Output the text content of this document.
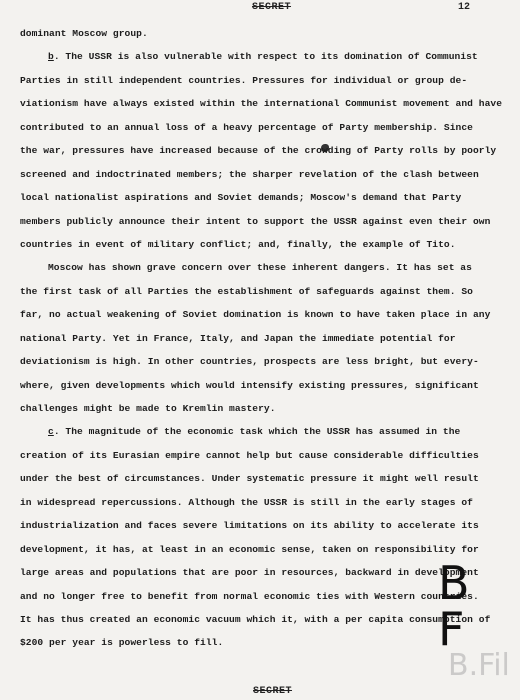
SECRET	12
dominant Moscow group.
b. The USSR is also vulnerable with respect to its domination of Communist
Parties in still independent countries. Pressures for individual or group de-
viationism have always existed within the international Communist movement and have
contributed to an annual loss of a heavy percentage of Party membership. Since
the war, pressures have increased because of the crowding of Party rolls by poorly
screened and indoctrinated members; the sharper revelation of the clash between
local nationalist aspirations and Soviet demands; Moscow's demand that Party
members publicly announce their intent to support the USSR against even their own
countries in event of military conflict; and, finally, the example of Tito.
Moscow has shown grave concern over these inherent dangers. It has set as
the first task of all Parties the establishment of safeguards against them. So
far, no actual weakening of Soviet domination is known to have taken place in any
national Party. Yet in France, Italy, and Japan the immediate potential for
deviationism is high. In other countries, prospects are less bright, but every-
where, given developments which would intensify existing pressures, significant
challenges might be made to Kremlin mastery.
c. The magnitude of the economic task which the USSR has assumed in the
creation of its Eurasian empire cannot help but cause considerable difficulties
under the best of circumstances. Under systematic pressure it might well result
in widespread repercussions. Although the USSR is still in the early stages of
industrialization and faces severe limitations on its ability to accelerate its
development, it has, at least in an economic sense, taken on responsibility for
large areas and populations that are poor in resources, backward in development
and no longer free to benefit from normal economic ties with Western countries.
It has thus created an economic vacuum which it, with a per capita consumption of
$200 per year is powerless to fill.
B F
SECRET
B.Fil
